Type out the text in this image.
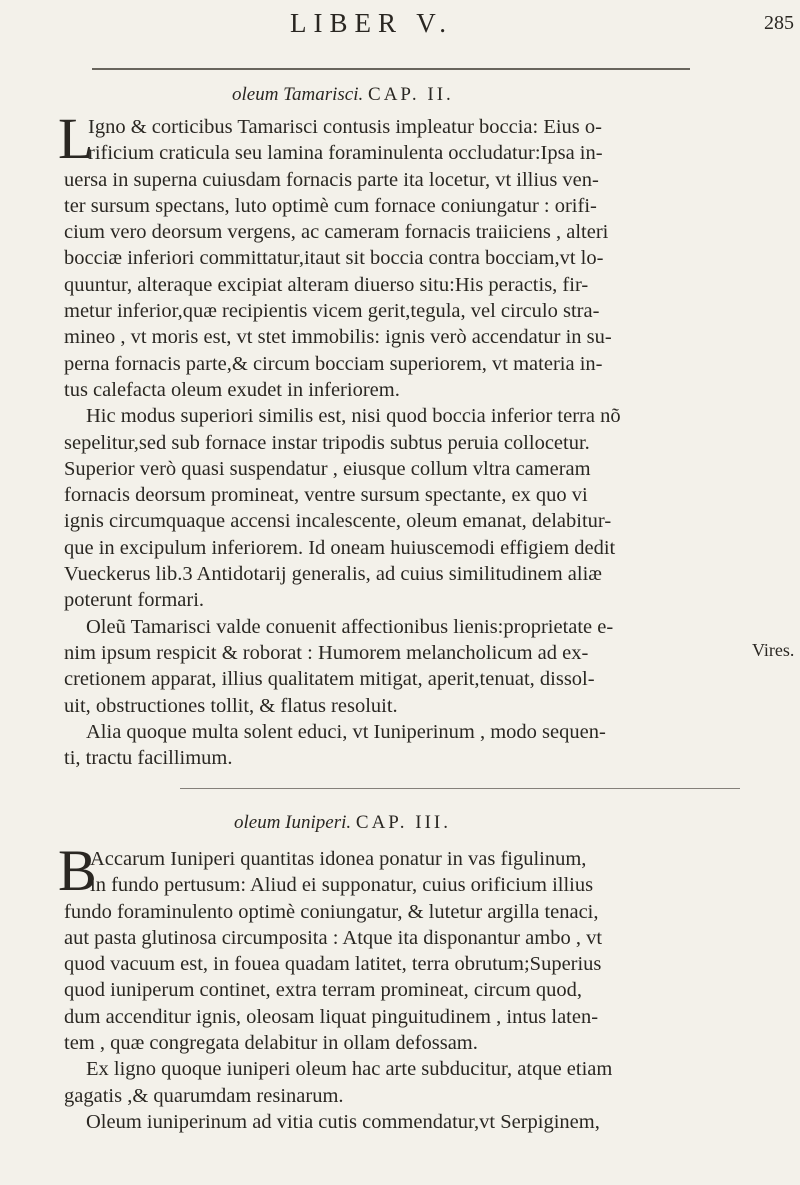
LIBER V.	285
oleum Tamarisci. CAP. II.
L
Igno & corticibus Tamarisci contusis impleatur boccia: Eius o-
rificium craticula seu lamina foraminulenta occludatur:Ipsa in-
uersa in superna cuiusdam fornacis parte ita locetur, vt illius ven-
ter sursum spectans, luto optimè cum fornace coniungatur : orifi-
cium vero deorsum vergens, ac cameram fornacis traiiciens , alteri
bocciæ inferiori committatur,itaut sit boccia contra bocciam,vt lo-
quuntur, alteraque excipiat alteram diuerso situ:His peractis, fir-
metur inferior,quæ recipientis vicem gerit,tegula, vel circulo stra-
mineo , vt moris est, vt stet immobilis: ignis verò accendatur in su-
perna fornacis parte,& circum bocciam superiorem, vt materia in-
tus calefacta oleum exudet in inferiorem.
Hic modus superiori similis est, nisi quod boccia inferior terra nõ
sepelitur,sed sub fornace instar tripodis subtus peruia collocetur.
Superior verò quasi suspendatur , eiusque collum vltra cameram
fornacis deorsum promineat, ventre sursum spectante, ex quo vi
ignis circumquaque accensi incalescente, oleum emanat, delabitur-
que in excipulum inferiorem. Id oneam huiuscemodi effigiem dedit
Vueckerus lib.3 Antidotarij generalis, ad cuius similitudinem aliæ
poterunt formari.
Oleũ Tamarisci valde conuenit affectionibus lienis:proprietate e-
nim ipsum respicit & roborat : Humorem melancholicum ad ex-
cretionem apparat, illius qualitatem mitigat, aperit,tenuat, dissol-
uit, obstructiones tollit, & flatus resoluit.
Alia quoque multa solent educi, vt Iuniperinum , modo sequen-
ti, tractu facillimum.
Vires.
oleum Iuniperi. CAP. III.
B
Accarum Iuniperi quantitas idonea ponatur in vas figulinum,
in fundo pertusum: Aliud ei supponatur, cuius orificium illius
fundo foraminulento optimè coniungatur, & lutetur argilla tenaci,
aut pasta glutinosa circumposita : Atque ita disponantur ambo , vt
quod vacuum est, in fouea quadam latitet, terra obrutum;Superius
quod iuniperum continet, extra terram promineat, circum quod,
dum accenditur ignis, oleosam liquat pinguitudinem , intus laten-
tem , quæ congregata delabitur in ollam defossam.
Ex ligno quoque iuniperi oleum hac arte subducitur, atque etiam
gagatis ,& quarumdam resinarum.
Oleum iuniperinum ad vitia cutis commendatur,vt Serpiginem,
